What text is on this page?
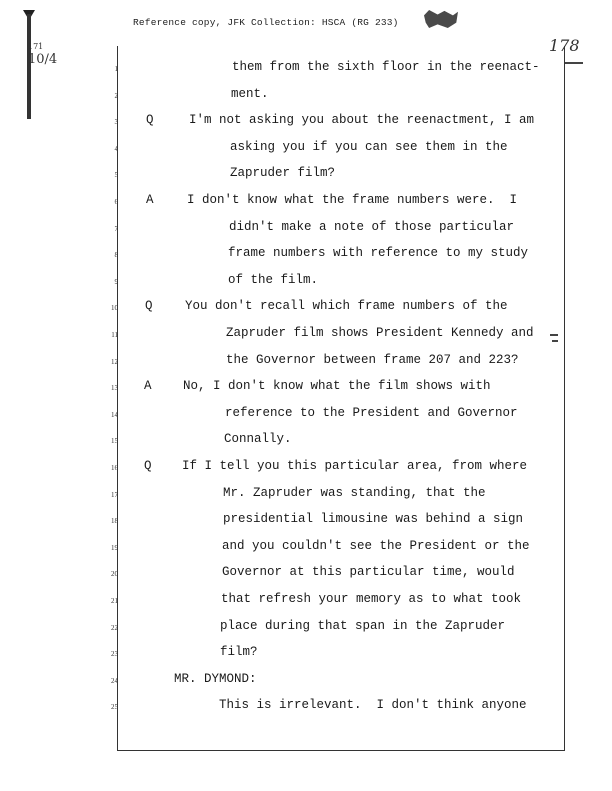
171
10/4
Reference copy, JFK Collection: HSCA (RG 233)
178
1	them from the sixth floor in the reenact-
2	ment.
3 Q	I'm not asking you about the reenactment, I am
4	asking you if you can see them in the
5	Zapruder film?
6 A	I don't know what the frame numbers were.  I
7	didn't make a note of those particular
8	frame numbers with reference to my study
9	of the film.
10 Q	You don't recall which frame numbers of the
11	Zapruder film shows President Kennedy and
12	the Governor between frame 207 and 223?
13 A	No, I don't know what the film shows with
14	reference to the President and Governor
15	Connally.
16 Q If I tell you this particular area, from where
17	Mr. Zapruder was standing, that the
18	presidential limousine was behind a sign
19	and you couldn't see the President or the
20	Governor at this particular time, would
21	that refresh your memory as to what took
22	place during that span in the Zapruder
23	film?
24	MR. DYMOND:
25	This is irrelevant.  I don't think anyone
